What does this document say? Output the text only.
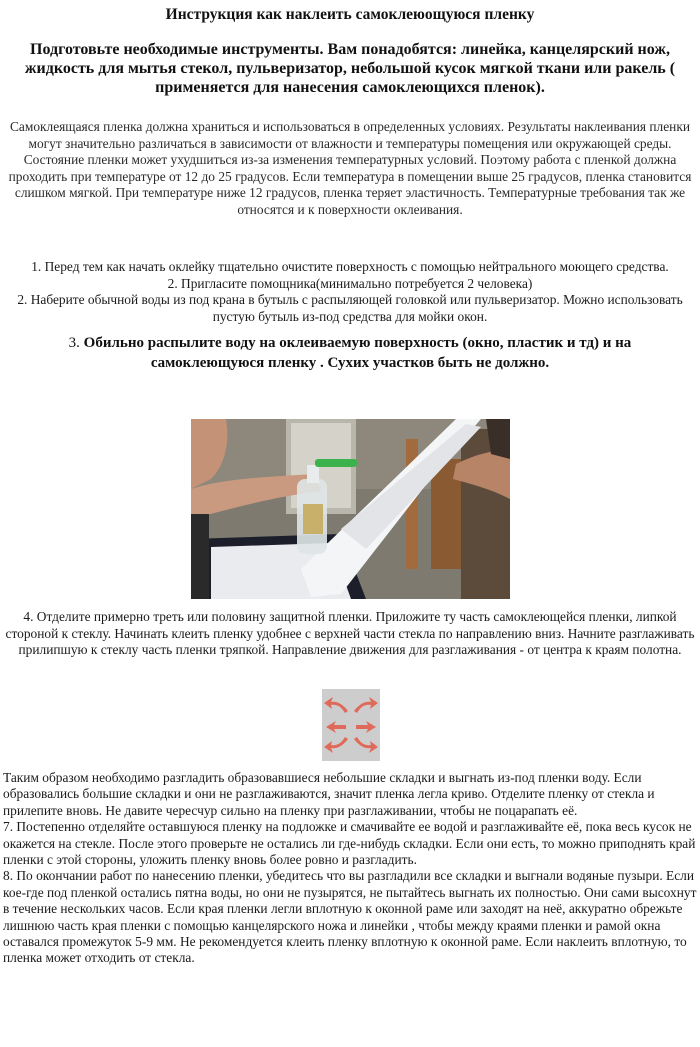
Инструкция как наклеить самоклеюoщуюся пленку
Подготовьте необходимые инструменты. Вам понадобятся: линейка, канцелярский нож, жидкость для мытья стекол, пульверизатор, небольшой кусок мягкой ткани или ракель ( применяется для нанесения самоклеющихся пленок).
Самоклеящаяся пленка должна храниться и использоваться в определенных условиях. Результаты наклеивания пленки могут значительно различаться в зависимости от влажности и температуры помещения или окружающей среды. Состояние пленки может ухудшиться из-за изменения температурных условий. Поэтому работа с пленкой должна проходить при температуре от 12 до 25 градусов. Если температура в помещении выше 25 градусов, пленка становится слишком мягкой. При температуре ниже 12 градусов, пленка теряет эластичность. Температурные требования так же относятся и к поверхности оклеивания.

1. Перед тем как начать оклейку тщательно очистите поверхность с помощью нейтрального моющего средства.

2. Пригласите помощника(минимально потребуется 2 человека)

2. Наберите обычной воды из под крана в бутыль с распыляющей головкой или пульверизатор. Можно использовать пустую бутыль из-под средства для мойки окон.

3. Обильно распылите воду на оклеиваемую поверхность (окно, пластик и тд) и на самоклеющуюся пленку . Сухих участков быть не должно.
4. Отделите примерно треть или половину защитной пленки. Приложите ту часть самоклеющейся пленки, липкой стороной к стеклу. Начинать клеить пленку удобнее с верхней части стекла по направлению вниз. Начните разглаживать прилипшую к стеклу часть пленки тряпкой. Направление движения для разглаживания - от центра к краям полотна.

Таким образом необходимо разгладить образовавшиеся небольшие складки и выгнать из-под пленки воду. Если образовались большие складки и они не разглаживаются, значит пленка легла криво. Отделите пленку от стекла и прилепите вновь. Не давите чересчур сильно на пленку при разглаживании, чтобы не поцарапать её.

7. Постепенно отделяйте оставшуюся пленку на подложке и смачивайте ее водой и разглаживайте её, пока весь кусок не окажется на стекле. После этого проверьте не остались ли где-нибудь складки. Если они есть, то можно приподнять край пленки с этой стороны, уложить пленку вновь более ровно и разгладить.

8. По окончании работ по нанесению пленки, убедитесь что вы разгладили все складки и выгнали водяные пузыри. Если кое-где под пленкой остались пятна воды, но они не пузырятся, не пытайтесь выгнать их полностью. Они сами высохнут в течение нескольких часов. Если края пленки легли вплотную к оконной раме или заходят на неё, аккуратно обрежьте лишнюю часть края пленки с помощью канцелярского ножа и линейки , чтобы между краями пленки и рамой окна оставался промежуток 5-9 мм. Не рекомендуется клеить пленку вплотную к оконной раме. Если наклеить вплотную, то пленка может отходить от стекла.
